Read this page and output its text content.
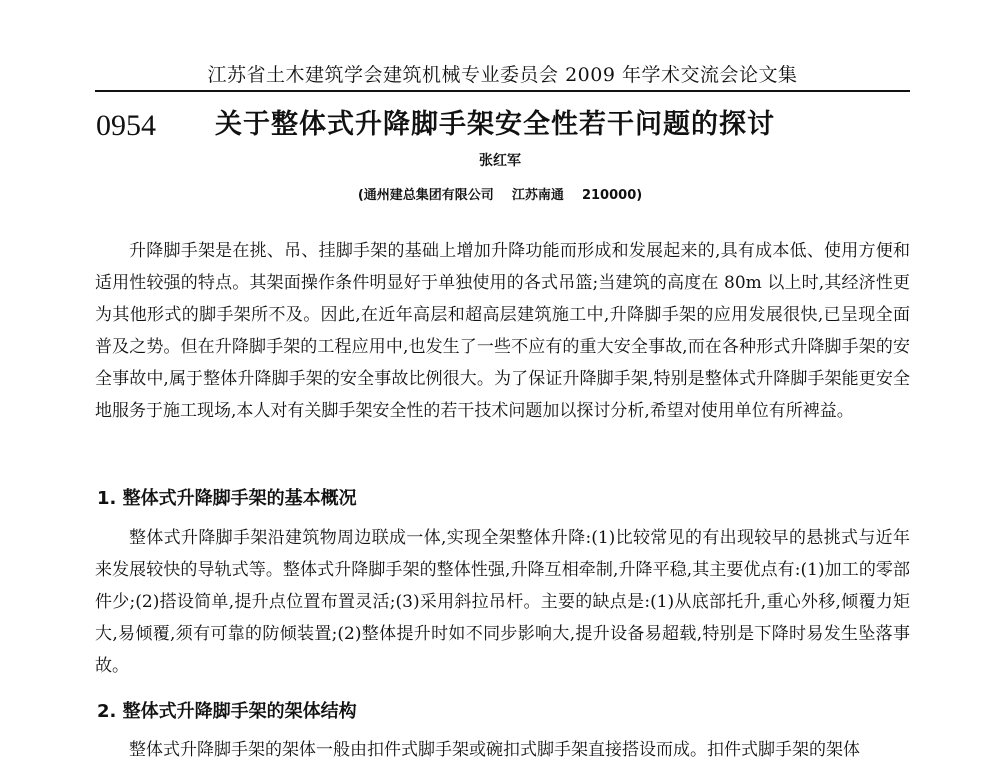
江苏省土木建筑学会建筑机械专业委员会 2009 年学术交流会论文集
0954 关于整体式升降脚手架安全性若干问题的探讨
张红军
(通州建总集团有限公司    江苏南通    210000)

升降脚手架是在挑、吊、挂脚手架的基础上增加升降功能而形成和发展起来的,具有成本低、使用方便和适用性较强的特点。其架面操作条件明显好于单独使用的各式吊篮;当建筑的高度在 80m 以上时,其经济性更为其他形式的脚手架所不及。因此,在近年高层和超高层建筑施工中,升降脚手架的应用发展很快,已呈现全面普及之势。但在升降脚手架的工程应用中,也发生了一些不应有的重大安全事故,而在各种形式升降脚手架的安全事故中,属于整体升降脚手架的安全事故比例很大。为了保证升降脚手架,特别是整体式升降脚手架能更安全地服务于施工现场,本人对有关脚手架安全性的若干技术问题加以探讨分析,希望对使用单位有所裨益。

1. 整体式升降脚手架的基本概况

整体式升降脚手架沿建筑物周边联成一体,实现全架整体升降:(1)比较常见的有出现较早的悬挑式与近年来发展较快的导轨式等。整体式升降脚手架的整体性强,升降互相牵制,升降平稳,其主要优点有:(1)加工的零部件少;(2)搭设简单,提升点位置布置灵活;(3)采用斜拉吊杆。主要的缺点是:(1)从底部托升,重心外移,倾覆力矩大,易倾覆,须有可靠的防倾装置;(2)整体提升时如不同步影响大,提升设备易超载,特别是下降时易发生坠落事故。

2. 整体式升降脚手架的架体结构

整体式升降脚手架的架体一般由扣件式脚手架或碗扣式脚手架直接搭设而成。扣件式脚手架的架体
